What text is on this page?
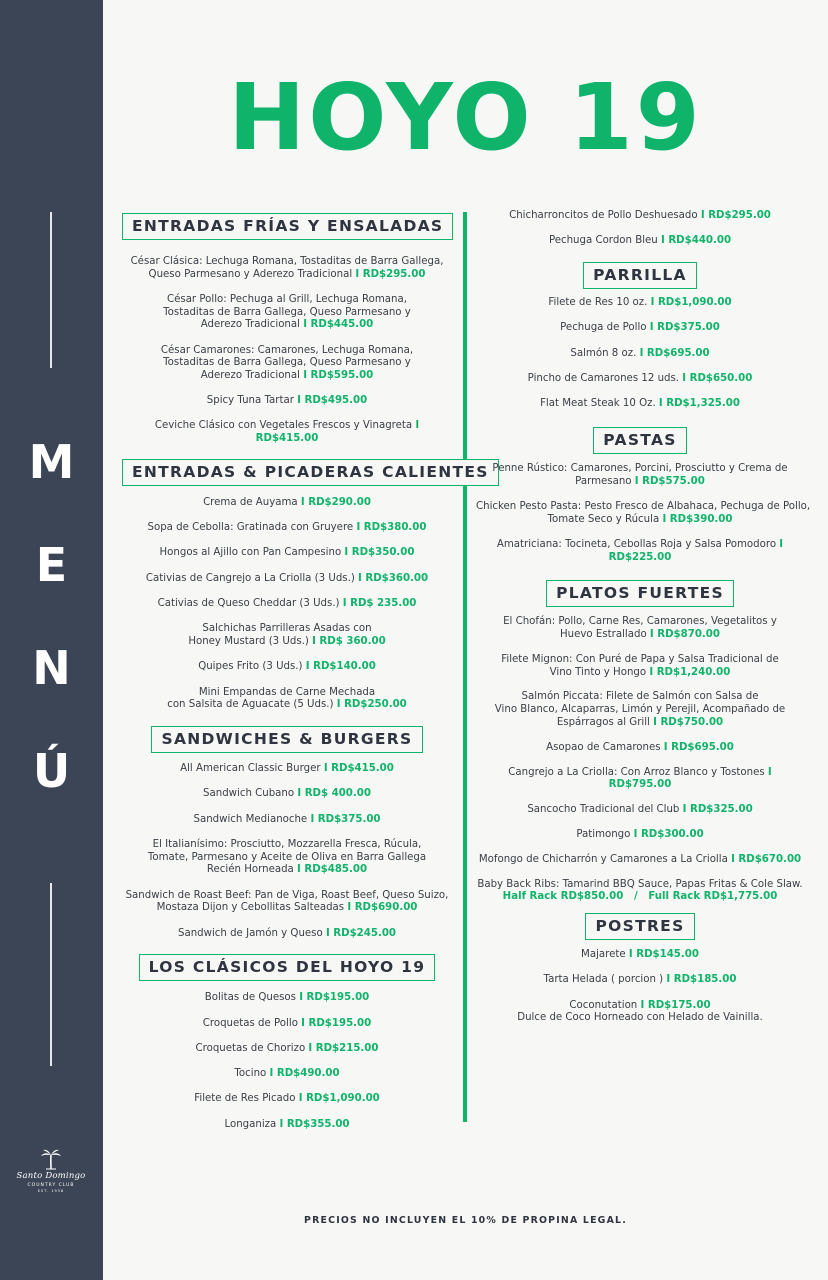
M
E
N
Ú
Santo Domingo
COUNTRY CLUB
EST. 1938
HOYO 19
ENTRADAS FRÍAS Y ENSALADAS
César Clásica: Lechuga Romana, Tostaditas de Barra Gallega,
Queso Parmesano y Aderezo Tradicional I RD$295.00
César Pollo: Pechuga al Grill, Lechuga Romana,
Tostaditas de Barra Gallega, Queso Parmesano y
Aderezo Tradicional I RD$445.00
César Camarones: Camarones, Lechuga Romana,
Tostaditas de Barra Gallega, Queso Parmesano y
Aderezo Tradicional I RD$595.00
Spicy Tuna Tartar I RD$495.00
Ceviche Clásico con Vegetales Frescos y Vinagreta I RD$415.00
ENTRADAS & PICADERAS CALIENTES
Crema de Auyama I RD$290.00
Sopa de Cebolla: Gratinada con Gruyere I RD$380.00
Hongos al Ajillo con Pan Campesino I RD$350.00
Cativias de Cangrejo a La Criolla (3 Uds.) I RD$360.00
Cativias de Queso Cheddar (3 Uds.) I RD$ 235.00
Salchichas Parrilleras Asadas con
Honey Mustard (3 Uds.) I RD$ 360.00
Quipes Frito (3 Uds.) I RD$140.00
Mini Empandas de Carne Mechada
con Salsita de Aguacate (5 Uds.) I RD$250.00
SANDWICHES & BURGERS
All American Classic Burger I RD$415.00
Sandwich Cubano I RD$ 400.00
Sandwich Medianoche I RD$375.00
El Italianísimo: Prosciutto, Mozzarella Fresca, Rúcula,
Tomate, Parmesano y Aceite de Oliva en Barra Gallega
Recién Horneada I RD$485.00
Sandwich de Roast Beef: Pan de Viga, Roast Beef, Queso Suizo,
Mostaza Dijon y Cebollitas Salteadas I RD$690.00
Sandwich de Jamón y Queso I RD$245.00
LOS CLÁSICOS DEL HOYO 19
Bolitas de Quesos I RD$195.00
Croquetas de Pollo I RD$195.00
Croquetas de Chorizo I RD$215.00
Tocino I RD$490.00
Filete de Res Picado I RD$1,090.00
Longaniza I RD$355.00
Chicharroncitos de Pollo Deshuesado I RD$295.00
Pechuga Cordon Bleu I RD$440.00
PARRILLA
Filete de Res 10 oz. I RD$1,090.00
Pechuga de Pollo I RD$375.00
Salmón 8 oz. I RD$695.00
Pincho de Camarones 12 uds. I RD$650.00
Flat Meat Steak 10 Oz. I RD$1,325.00
PASTAS
Penne Rústico: Camarones, Porcini, Prosciutto y Crema de
Parmesano I RD$575.00
Chicken Pesto Pasta: Pesto Fresco de Albahaca, Pechuga de Pollo,
Tomate Seco y Rúcula I RD$390.00
Amatriciana: Tocineta, Cebollas Roja y Salsa Pomodoro I RD$225.00
PLATOS FUERTES
El Chofán: Pollo, Carne Res, Camarones, Vegetalitos y
Huevo Estrallado I RD$870.00
Filete Mignon: Con Puré de Papa y Salsa Tradicional de
Vino Tinto y Hongo I RD$1,240.00
Salmón Piccata: Filete de Salmón con Salsa de
Vino Blanco, Alcaparras, Limón y Perejil, Acompañado de
Espárragos al Grill I RD$750.00
Asopao de Camarones I RD$695.00
Cangrejo a La Criolla: Con Arroz Blanco y Tostones I RD$795.00
Sancocho Tradicional del Club I RD$325.00
Patimongo I RD$300.00
Mofongo de Chicharrón y Camarones a La Criolla I RD$670.00
Baby Back Ribs: Tamarind BBQ Sauce, Papas Fritas & Cole Slaw.
Half Rack RD$850.00 / Full Rack RD$1,775.00
POSTRES
Majarete I RD$145.00
Tarta Helada ( porcion ) I RD$185.00
Coconutation I RD$175.00
Dulce de Coco Horneado con Helado de Vainilla.
PRECIOS NO INCLUYEN EL 10% DE PROPINA LEGAL.
